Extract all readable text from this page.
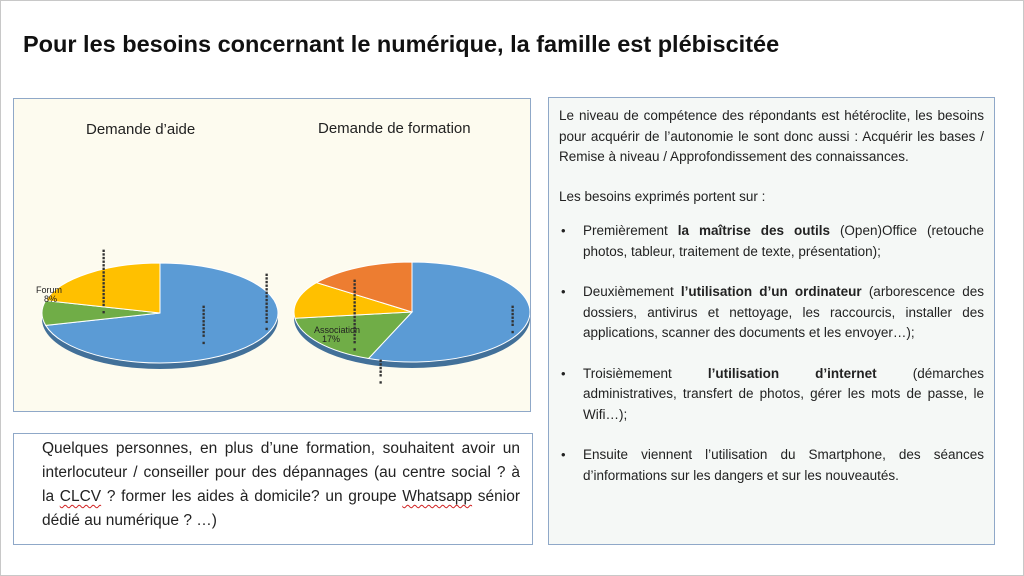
Pour les besoins concernant le numérique, la famille est plébiscitée
Demande d’aide	Demande de formation
▪▪▪▪▪▪▪▪▪▪▪▪▪▪▪▪ ▪
▪▪▪▪▪▪▪▪▪ ▪	▪▪▪▪▪▪▪▪▪▪▪▪▪▪ ▪	▪▪▪▪▪▪▪▪▪▪▪▪▪▪▪▪▪▪ ▪	▪▪▪▪▪▪ ▪
▪▪▪▪▪ ▪
Forum
8%
Association
17%
Quelques personnes, en plus d’une formation, souhaitent avoir un interlocuteur / conseiller pour des dépannages (au centre social ? à la CLCV ? former les aides à domicile? un groupe Whatsapp sénior dédié au numérique ? …)

Le niveau de compétence des répondants est hétéroclite, les besoins pour acquérir de l’autonomie le sont donc aussi : Acquérir les bases / Remise à niveau / Approfondissement des connaissances.

Les besoins exprimés portent sur :

• Premièrement la maîtrise des outils (Open)Office (retouche photos, tableur, traitement de texte, présentation);
• Deuxièmement l’utilisation d’un ordinateur (arborescence des dossiers, antivirus et nettoyage, les raccourcis, installer des applications, scanner des documents et les envoyer…);
• Troisièmement l’utilisation d’internet (démarches administratives, transfert de photos, gérer les mots de passe, le Wifi…);
• Ensuite viennent l’utilisation du Smartphone, des séances d’informations sur les dangers et sur les nouveautés.
